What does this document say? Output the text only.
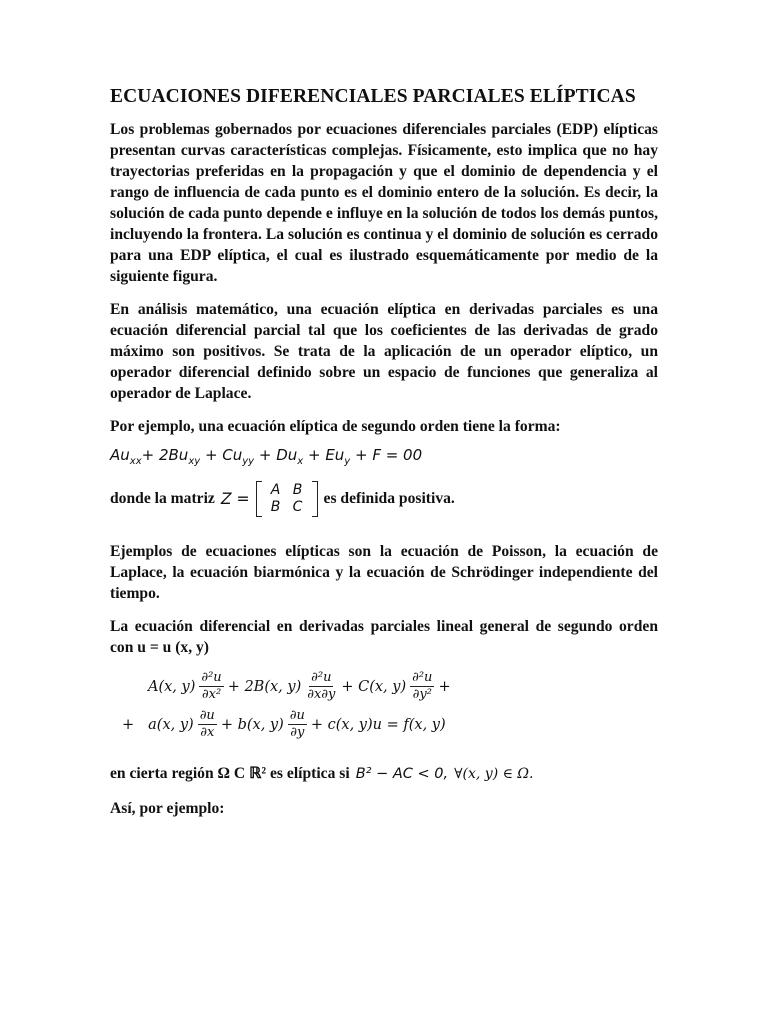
ECUACIONES DIFERENCIALES PARCIALES ELÍPTICAS

Los problemas gobernados por ecuaciones diferenciales parciales (EDP) elípticas presentan curvas características complejas. Físicamente, esto implica que no hay trayectorias preferidas en la propagación y que el dominio de dependencia y el rango de influencia de cada punto es el dominio entero de la solución. Es decir, la solución de cada punto depende e influye en la solución de todos los demás puntos, incluyendo la frontera. La solución es continua y el dominio de solución es cerrado para una EDP elíptica, el cual es ilustrado esquemáticamente por medio de la siguiente figura.

En análisis matemático, una ecuación elíptica en derivadas parciales es una ecuación diferencial parcial tal que los coeficientes de las derivadas de grado máximo son positivos. Se trata de la aplicación de un operador elíptico, un operador diferencial definido sobre un espacio de funciones que generaliza al operador de Laplace.

Por ejemplo, una ecuación elíptica de segundo orden tiene la forma:

$Au_{xx}+ 2Bu_{xy} + Cu_{yy} + Du_x + Eu_y + F = 00$
donde la matriz Z =	A B
B C	es definida positiva.

Ejemplos de ecuaciones elípticas son la ecuación de Poisson, la ecuación de Laplace, la ecuación biarmónica y la ecuación de Schrödinger independiente del tiempo.

La ecuación diferencial en derivadas parciales lineal general de segundo orden con u = u (x, y)

A(x, $y) \frac{\text{∂²u}}{\text{∂x²}} + 2B(x$, $y) \frac{\text{∂²u}}{\partial x\partial y} + C(x$, $y) \frac{\text{∂²u}}{\text{∂y²}}$ +
+ a(x, $y) \frac{\partial u}{\partial x} + b(x$, $y) \frac{\partial u}{\partial y} + c(x$, y)u = f(x, y)
en cierta región Ω C ℝ² es elíptica si B² − AC < 0, ∀(x, y) ∈ Ω.

Así, por ejemplo:
